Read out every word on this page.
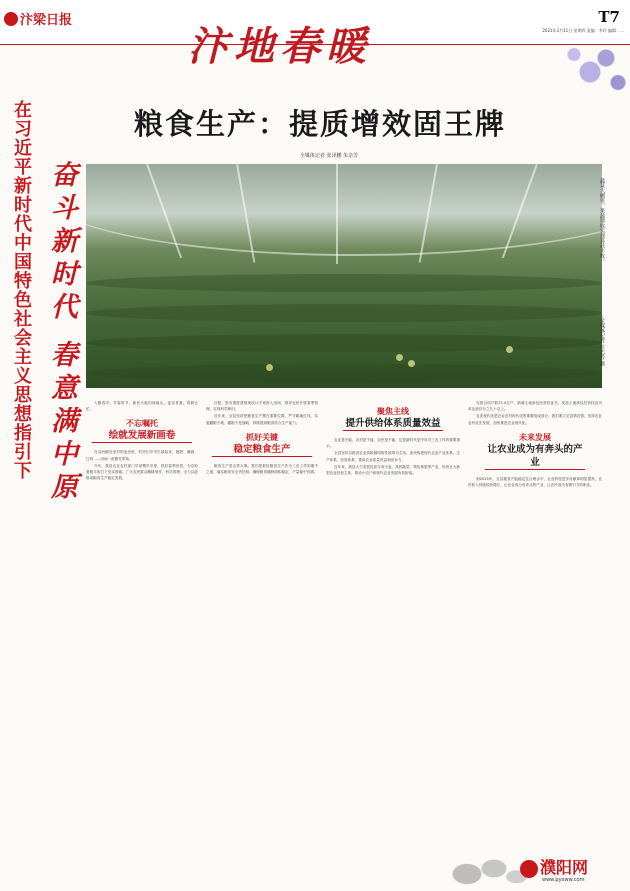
汴梁日报	T7
2021年3月11日 星期四 责编：李玲 编辑：…
汴地春暖
在习近平新时代中国特色社会主义思想指引下 奋斗新时代 春意满中原
粮食生产：提质增效固王牌
全媒体记者 张译鹏 朱杂芳
蔬菜大棚里，果蔬增收实现喜获丰收。
全媒体记者 任志芳 摄

入勤春早，早春时节，新民大地田间地头，麦苗青葱，春耕正忙。

不忘嘱托
绘就发展新画卷

在沿河镇近至村的麦田里，时民们早早忙碌起来，施肥、灌溉、打药……田间一派繁忙景象。

今年，我县农业农村部门早部署早安排，抓好春季田管，为夺取夏粮丰收打下坚实基础。广大农民群众精耕细作，科学管理，全力以赴推动粮食生产稳定发展。

巨阳，张市建度建规现设计专家探入田间，指导农民开展春季管理，实现科学种田。

近年来，全县坚持把粮食生产摆在重要位置，严守耕地红线，实施藏粮于地、藏粮于技战略，持续提高粮食综合生产能力。

抓好关键
稳定粮食生产

粮食生产是头等大事。我们把抓好粮食生产作为三农工作的重中之重，落实粮食安全责任制，确保粮食播种面积稳定、产量稳中有增。

聚焦主线
提升供给体系质量效益

农业是不能，农村是不能，农民是不能，这是新时代党中央对三农工作的重要指示。

全县坚持以推进农业供给侧结构性改革为主线，加快构建现代农业产业体系、生产体系、经营体系，提高农业质量效益和竞争力。

近年来，我县大力发展优质专用小麦、高效蔬菜、特色林果等产业，培育壮大新型农业经营主体，推动小农户和现代农业发展有机衔接。

完善合同户数72.4万户，新增土地承包经营权证书，发放土地承包经营权证书率达到百分之九十以上。

农业现代化是农业农村现代化的重要组成部分，我们要立足县情农情，坚持农业农村优先发展，加快推进农业现代化。

未来发展
让农业成为有奔头的产业

到2025年，全县粮食产能稳定在合理水平，农业科技进步贡献率明显提高，农民收入持续较快增长，让农业成为有奔头的产业，让农民成为有吸引力的职业。

濮阳网
www.pyxww.com
